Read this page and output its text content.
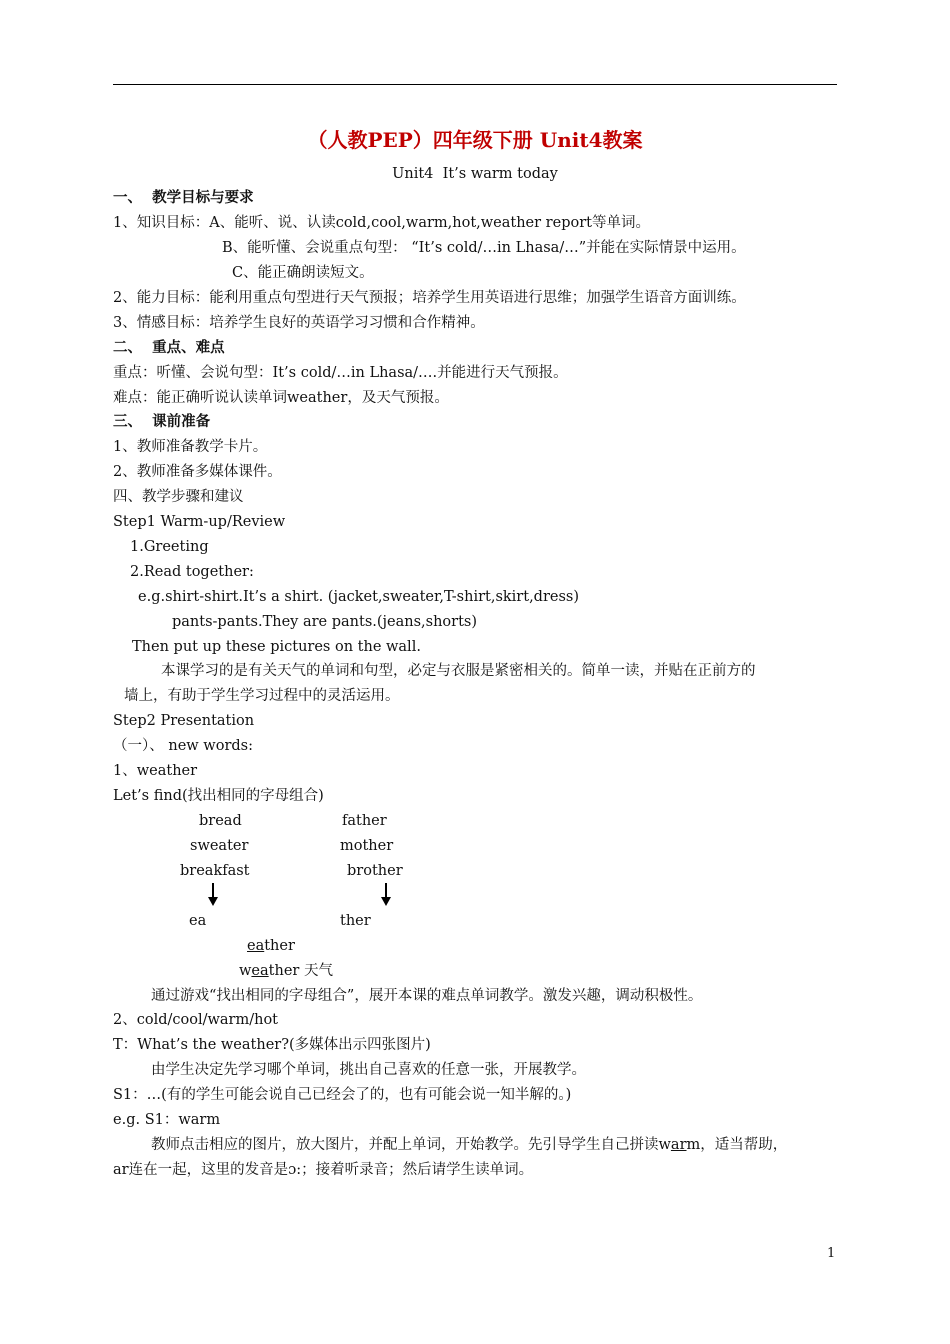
（人教PEP）四年级下册 Unit4教案
Unit4  It’s warm today
一、  教学目标与要求
1、知识目标：A、能听、说、认读cold,cool,warm,hot,weather report等单词。
B、能听懂、会说重点句型： “It’s cold/…in Lhasa/…”并能在实际情景中运用。
C、能正确朗读短文。
2、能力目标：能利用重点句型进行天气预报；培养学生用英语进行思维；加强学生语音方面训练。
3、情感目标：培养学生良好的英语学习习惯和合作精神。
二、  重点、难点
重点：听懂、会说句型：It’s cold/…in Lhasa/….并能进行天气预报。
难点：能正确听说认读单词weather，及天气预报。
三、  课前准备
1、教师准备教学卡片。
2、教师准备多媒体课件。
四、教学步骤和建议
Step1 Warm-up/Review
1.Greeting
2.Read together:
e.g.shirt-shirt.It’s a shirt. (jacket,sweater,T-shirt,skirt,dress)
pants-pants.They are pants.(jeans,shorts)
Then put up these pictures on the wall.
本课学习的是有关天气的单词和句型，必定与衣服是紧密相关的。简单一读，并贴在正前方的
墙上，有助于学生学习过程中的灵活运用。
Step2 Presentation
（一）、 new words:
1、weather
Let’s find(找出相同的字母组合)
bread
sweater
breakfast
father
mother
brother
ea	ther
eather
weather 天气
通过游戏“找出相同的字母组合”，展开本课的难点单词教学。激发兴趣，调动积极性。
2、cold/cool/warm/hot
T：What’s the weather?(多媒体出示四张图片)
由学生决定先学习哪个单词，挑出自己喜欢的任意一张，开展教学。
S1：…(有的学生可能会说自己已经会了的，也有可能会说一知半解的。)
e.g. S1：warm
教师点击相应的图片，放大图片，并配上单词，开始教学。先引导学生自己拼读warm，适当帮助，
ar连在一起，这里的发音是ɔ:；接着听录音；然后请学生读单词。
1
